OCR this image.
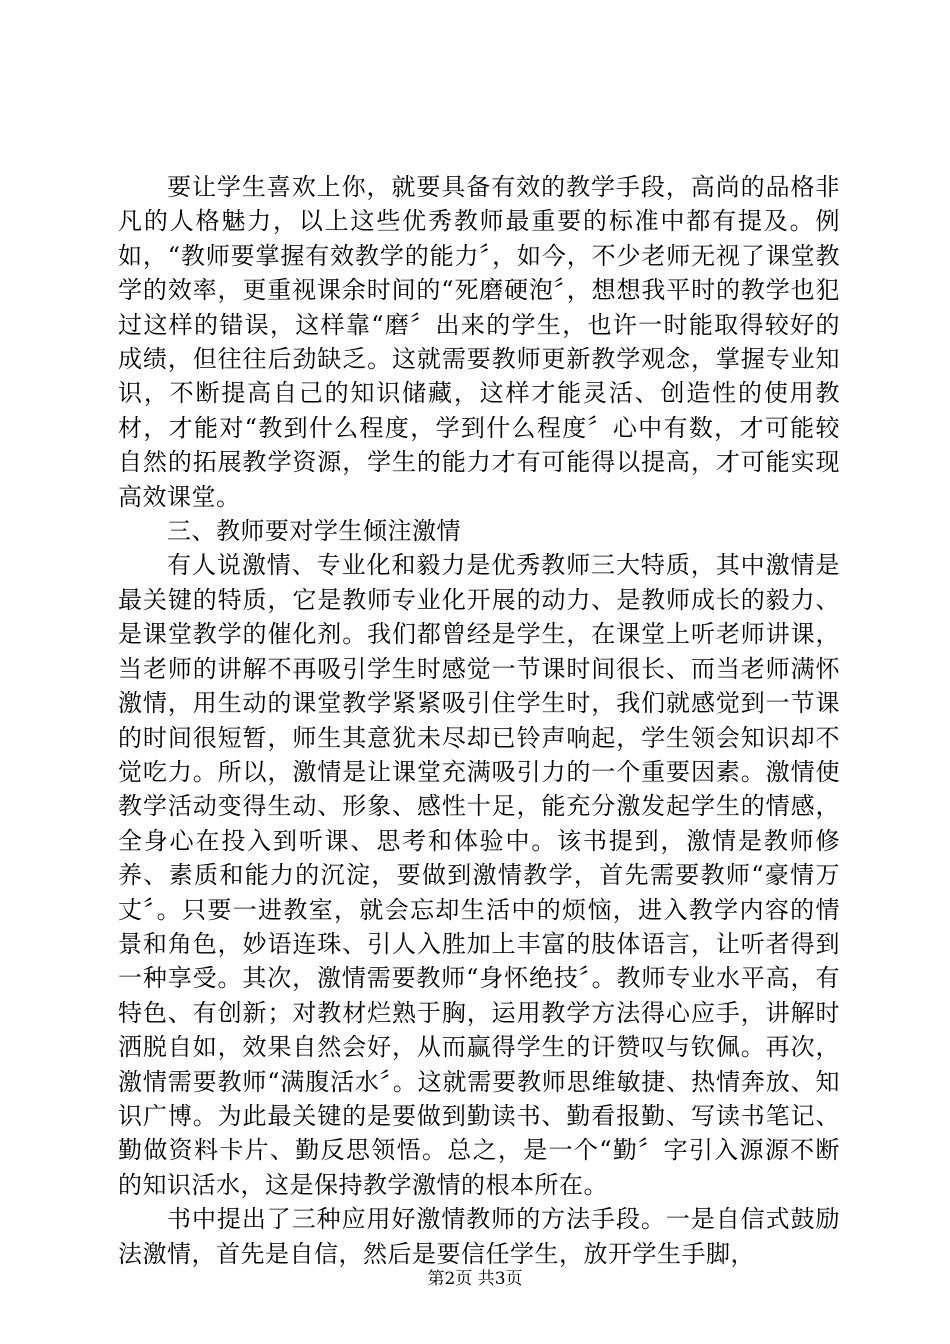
要让学生喜欢上你，就要具备有效的教学手段，高尚的品格非凡的人格魅力，以上这些优秀教师最重要的标准中都有提及。例如，“教师要掌握有效教学的能力〞，如今，不少老师无视了课堂教学的效率，更重视课余时间的“死磨硬泡〞，想想我平时的教学也犯过这样的错误，这样靠“磨〞出来的学生，也许一时能取得较好的成绩，但往往后劲缺乏。这就需要教师更新教学观念，掌握专业知识，不断提高自己的知识储藏，这样才能灵活、创造性的使用教材，才能对“教到什么程度，学到什么程度〞心中有数，才可能较自然的拓展教学资源，学生的能力才有可能得以提高，才可能实现高效课堂。

三、教师要对学生倾注激情

有人说激情、专业化和毅力是优秀教师三大特质，其中激情是最关键的特质，它是教师专业化开展的动力、是教师成长的毅力、是课堂教学的催化剂。我们都曾经是学生，在课堂上听老师讲课，当老师的讲解不再吸引学生时感觉一节课时间很长、而当老师满怀激情，用生动的课堂教学紧紧吸引住学生时，我们就感觉到一节课的时间很短暂，师生其意犹未尽却已铃声响起，学生领会知识却不觉吃力。所以，激情是让课堂充满吸引力的一个重要因素。激情使教学活动变得生动、形象、感性十足，能充分激发起学生的情感，全身心在投入到听课、思考和体验中。该书提到，激情是教师修养、素质和能力的沉淀，要做到激情教学，首先需要教师“豪情万丈〞。只要一进教室，就会忘却生活中的烦恼，进入教学内容的情景和角色，妙语连珠、引人入胜加上丰富的肢体语言，让听者得到一种享受。其次，激情需要教师“身怀绝技〞。教师专业水平高，有特色、有创新；对教材烂熟于胸，运用教学方法得心应手，讲解时洒脱自如，效果自然会好，从而赢得学生的讦赞叹与钦佩。再次，激情需要教师“满腹活水〞。这就需要教师思维敏捷、热情奔放、知识广博。为此最关键的是要做到勤读书、勤看报勤、写读书笔记、勤做资料卡片、勤反思领悟。总之，是一个“勤〞字引入源源不断的知识活水，这是保持教学激情的根本所在。

书中提出了三种应用好激情教师的方法手段。一是自信式鼓励法激情，首先是自信，然后是要信任学生，放开学生手脚，

第2页 共3页
